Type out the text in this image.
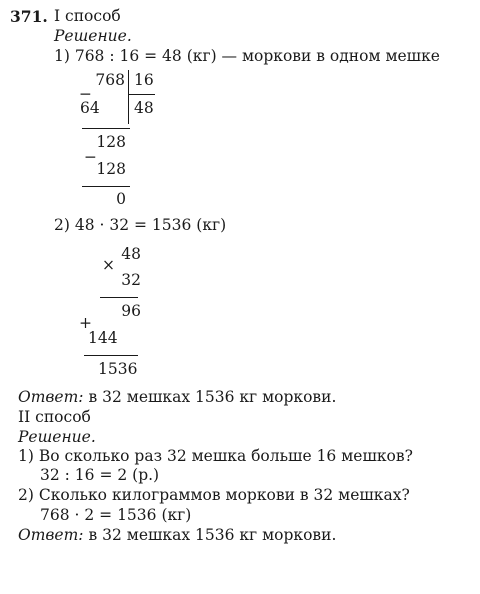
371. I способ
Решение.
1) 768 : 16 = 48 (кг) — моркови в одном мешке
−
768 16
64 48
−
128
128
0
2) 48 · 32 = 1536 (кг)
×
48
32
96
+
144
1536
Ответ: в 32 мешках 1536 кг моркови.
II способ
Решение.
1) Во сколько раз 32 мешка больше 16 мешков?
32 : 16 = 2 (р.)
2) Сколько килограммов моркови в 32 мешках?
768 · 2 = 1536 (кг)
Ответ: в 32 мешках 1536 кг моркови.
